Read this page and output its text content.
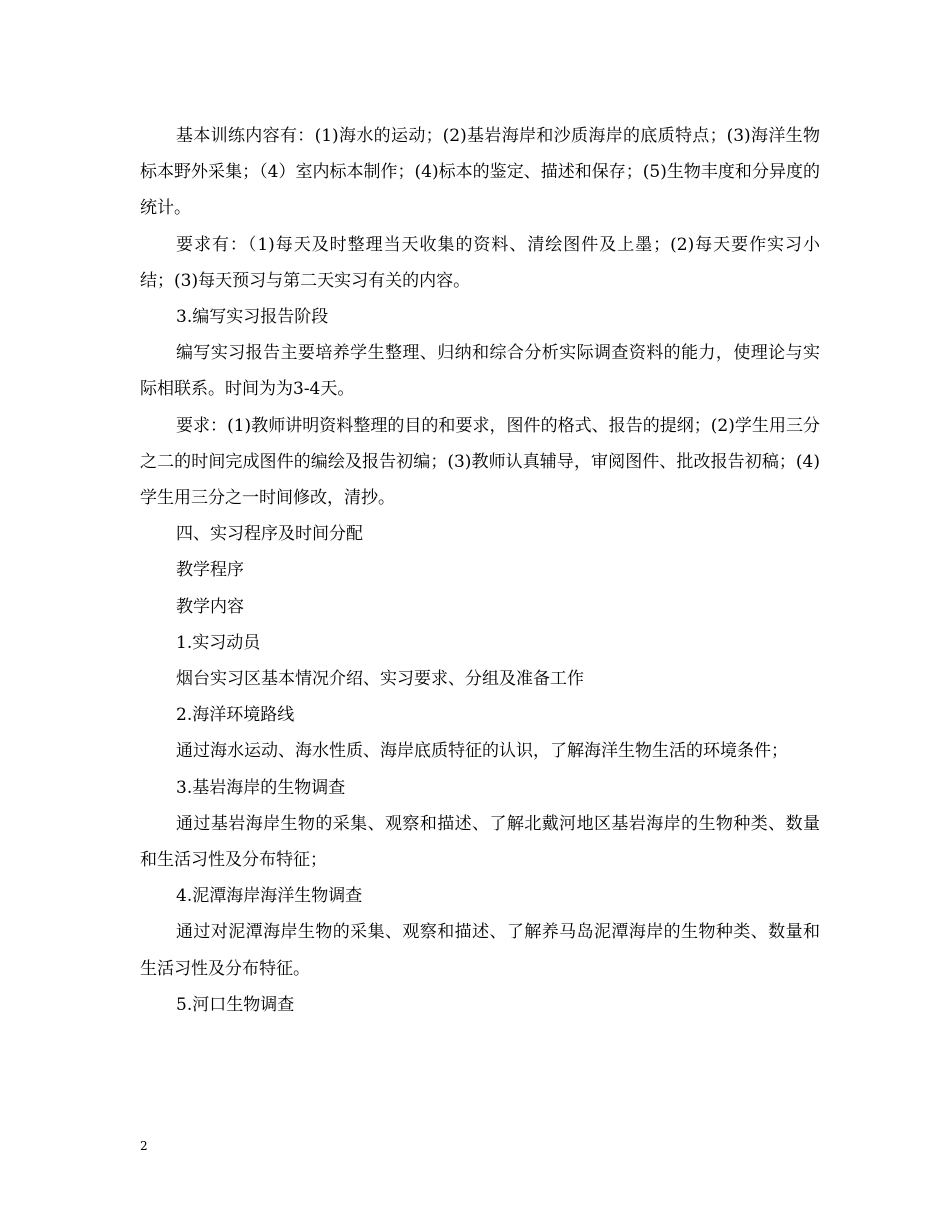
基本训练内容有：(1)海水的运动；(2)基岩海岸和沙质海岸的底质特点；(3)海洋生物标本野外采集；（4）室内标本制作；(4)标本的鉴定、描述和保存；(5)生物丰度和分异度的统计。

要求有：（1)每天及时整理当天收集的资料、清绘图件及上墨；(2)每天要作实习小结；(3)每天预习与第二天实习有关的内容。

3.编写实习报告阶段

编写实习报告主要培养学生整理、归纳和综合分析实际调查资料的能力，使理论与实际相联系。时间为为3-4天。

要求：(1)教师讲明资料整理的目的和要求，图件的格式、报告的提纲；(2)学生用三分之二的时间完成图件的编绘及报告初编；(3)教师认真辅导，审阅图件、批改报告初稿；(4)学生用三分之一时间修改，清抄。

四、实习程序及时间分配

教学程序

教学内容

1.实习动员

烟台实习区基本情况介绍、实习要求、分组及准备工作

2.海洋环境路线

通过海水运动、海水性质、海岸底质特征的认识，了解海洋生物生活的环境条件；

3.基岩海岸的生物调查

通过基岩海岸生物的采集、观察和描述、了解北戴河地区基岩海岸的生物种类、数量和生活习性及分布特征；

4.泥潭海岸海洋生物调查

通过对泥潭海岸生物的采集、观察和描述、了解养马岛泥潭海岸的生物种类、数量和生活习性及分布特征。

5.河口生物调查

2
